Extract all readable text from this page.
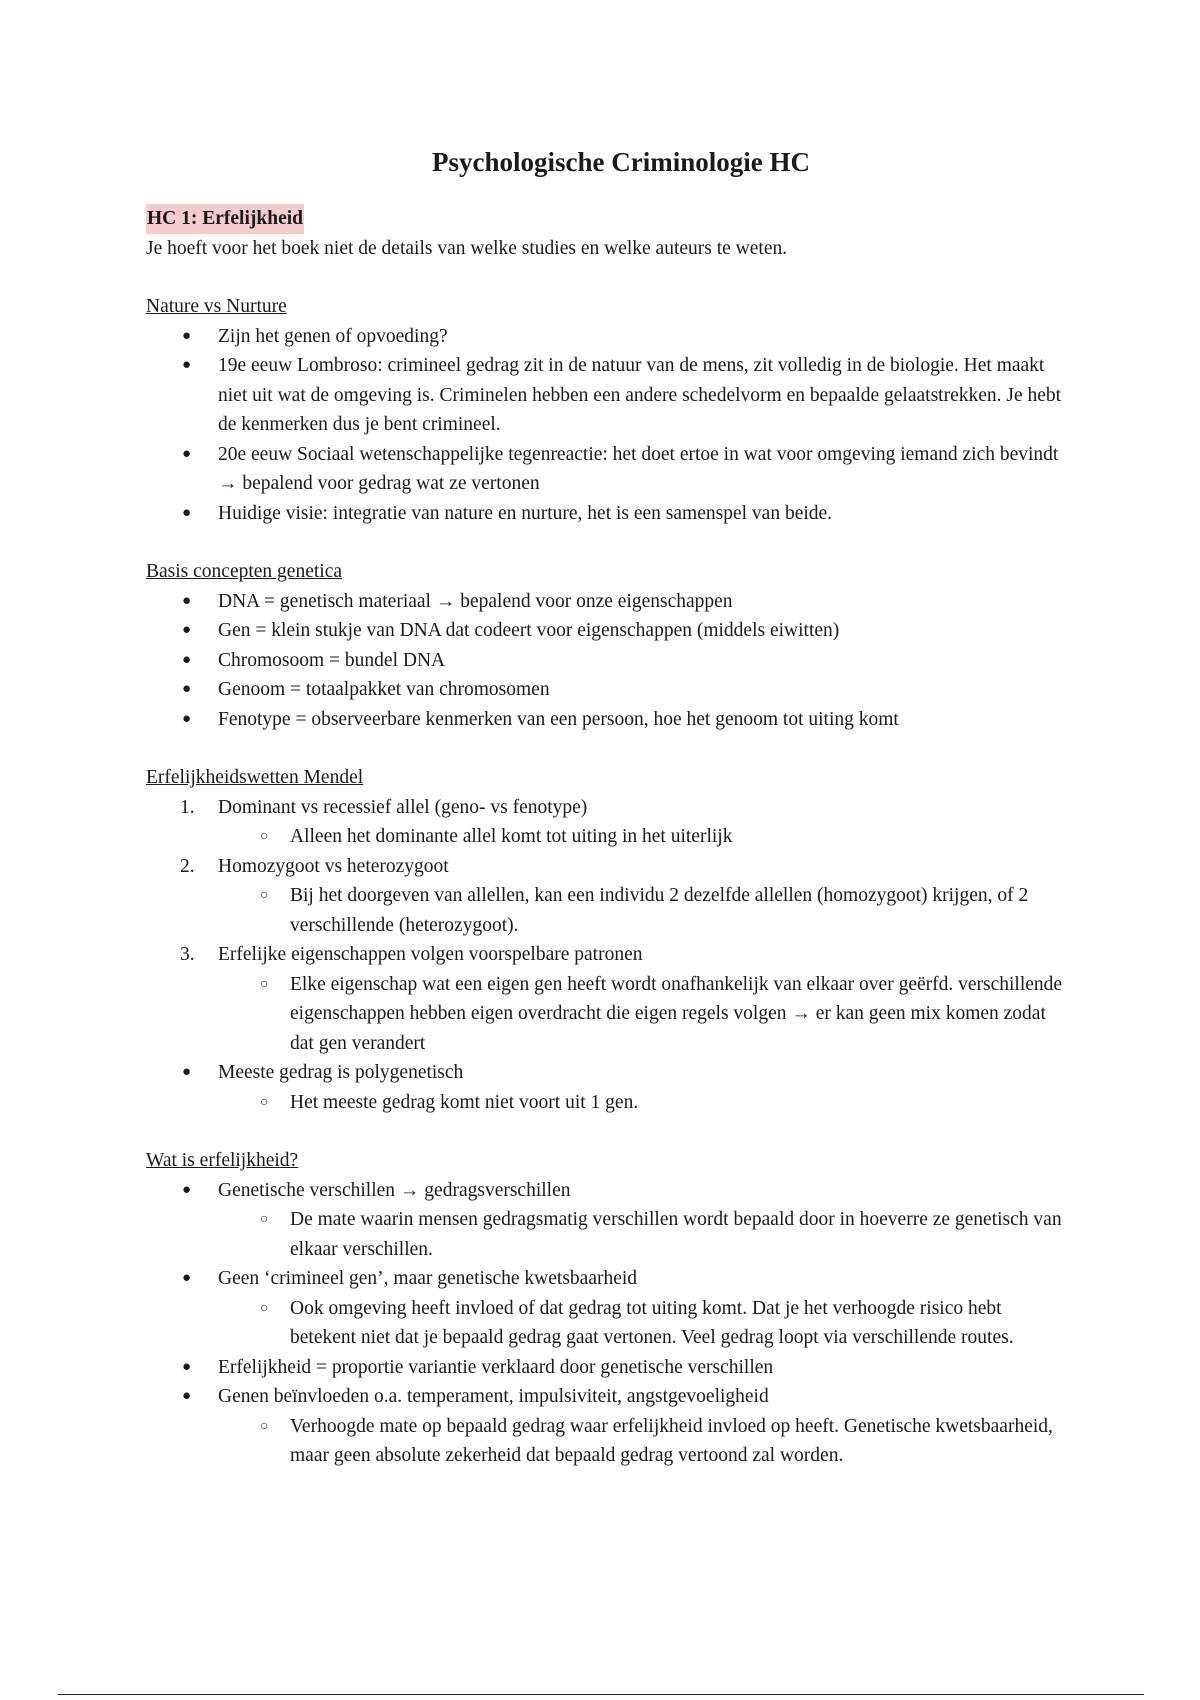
Psychologische Criminologie HC
HC 1: Erfelijkheid

Je hoeft voor het boek niet de details van welke studies en welke auteurs te weten.

Nature vs Nurture

● Zijn het genen of opvoeding?
● 19e eeuw Lombroso: crimineel gedrag zit in de natuur van de mens, zit volledig in de biologie. Het maakt niet uit wat de omgeving is. Criminelen hebben een andere schedelvorm en bepaalde gelaatstrekken. Je hebt de kenmerken dus je bent crimineel.
● 20e eeuw Sociaal wetenschappelijke tegenreactie: het doet ertoe in wat voor omgeving iemand zich bevindt → bepalend voor gedrag wat ze vertonen
● Huidige visie: integratie van nature en nurture, het is een samenspel van beide.

Basis concepten genetica

● DNA = genetisch materiaal → bepalend voor onze eigenschappen
● Gen = klein stukje van DNA dat codeert voor eigenschappen (middels eiwitten)
● Chromosoom = bundel DNA
● Genoom = totaalpakket van chromosomen
● Fenotype = observeerbare kenmerken van een persoon, hoe het genoom tot uiting komt

Erfelijkheidswetten Mendel

1. Dominant vs recessief allel (geno- vs fenotype)
○ Alleen het dominante allel komt tot uiting in het uiterlijk
2. Homozygoot vs heterozygoot
○ Bij het doorgeven van allellen, kan een individu 2 dezelfde allellen (homozygoot) krijgen, of 2 verschillende (heterozygoot).
3. Erfelijke eigenschappen volgen voorspelbare patronen
○ Elke eigenschap wat een eigen gen heeft wordt onafhankelijk van elkaar over geërfd. verschillende eigenschappen hebben eigen overdracht die eigen regels volgen → er kan geen mix komen zodat dat gen verandert
● Meeste gedrag is polygenetisch
○ Het meeste gedrag komt niet voort uit 1 gen.

Wat is erfelijkheid?

● Genetische verschillen → gedragsverschillen
○ De mate waarin mensen gedragsmatig verschillen wordt bepaald door in hoeverre ze genetisch van elkaar verschillen.
● Geen ‘crimineel gen’, maar genetische kwetsbaarheid
○ Ook omgeving heeft invloed of dat gedrag tot uiting komt. Dat je het verhoogde risico hebt betekent niet dat je bepaald gedrag gaat vertonen. Veel gedrag loopt via verschillende routes.
● Erfelijkheid = proportie variantie verklaard door genetische verschillen
● Genen beïnvloeden o.a. temperament, impulsiviteit, angstgevoeligheid
○ Verhoogde mate op bepaald gedrag waar erfelijkheid invloed op heeft. Genetische kwetsbaarheid, maar geen absolute zekerheid dat bepaald gedrag vertoond zal worden.
